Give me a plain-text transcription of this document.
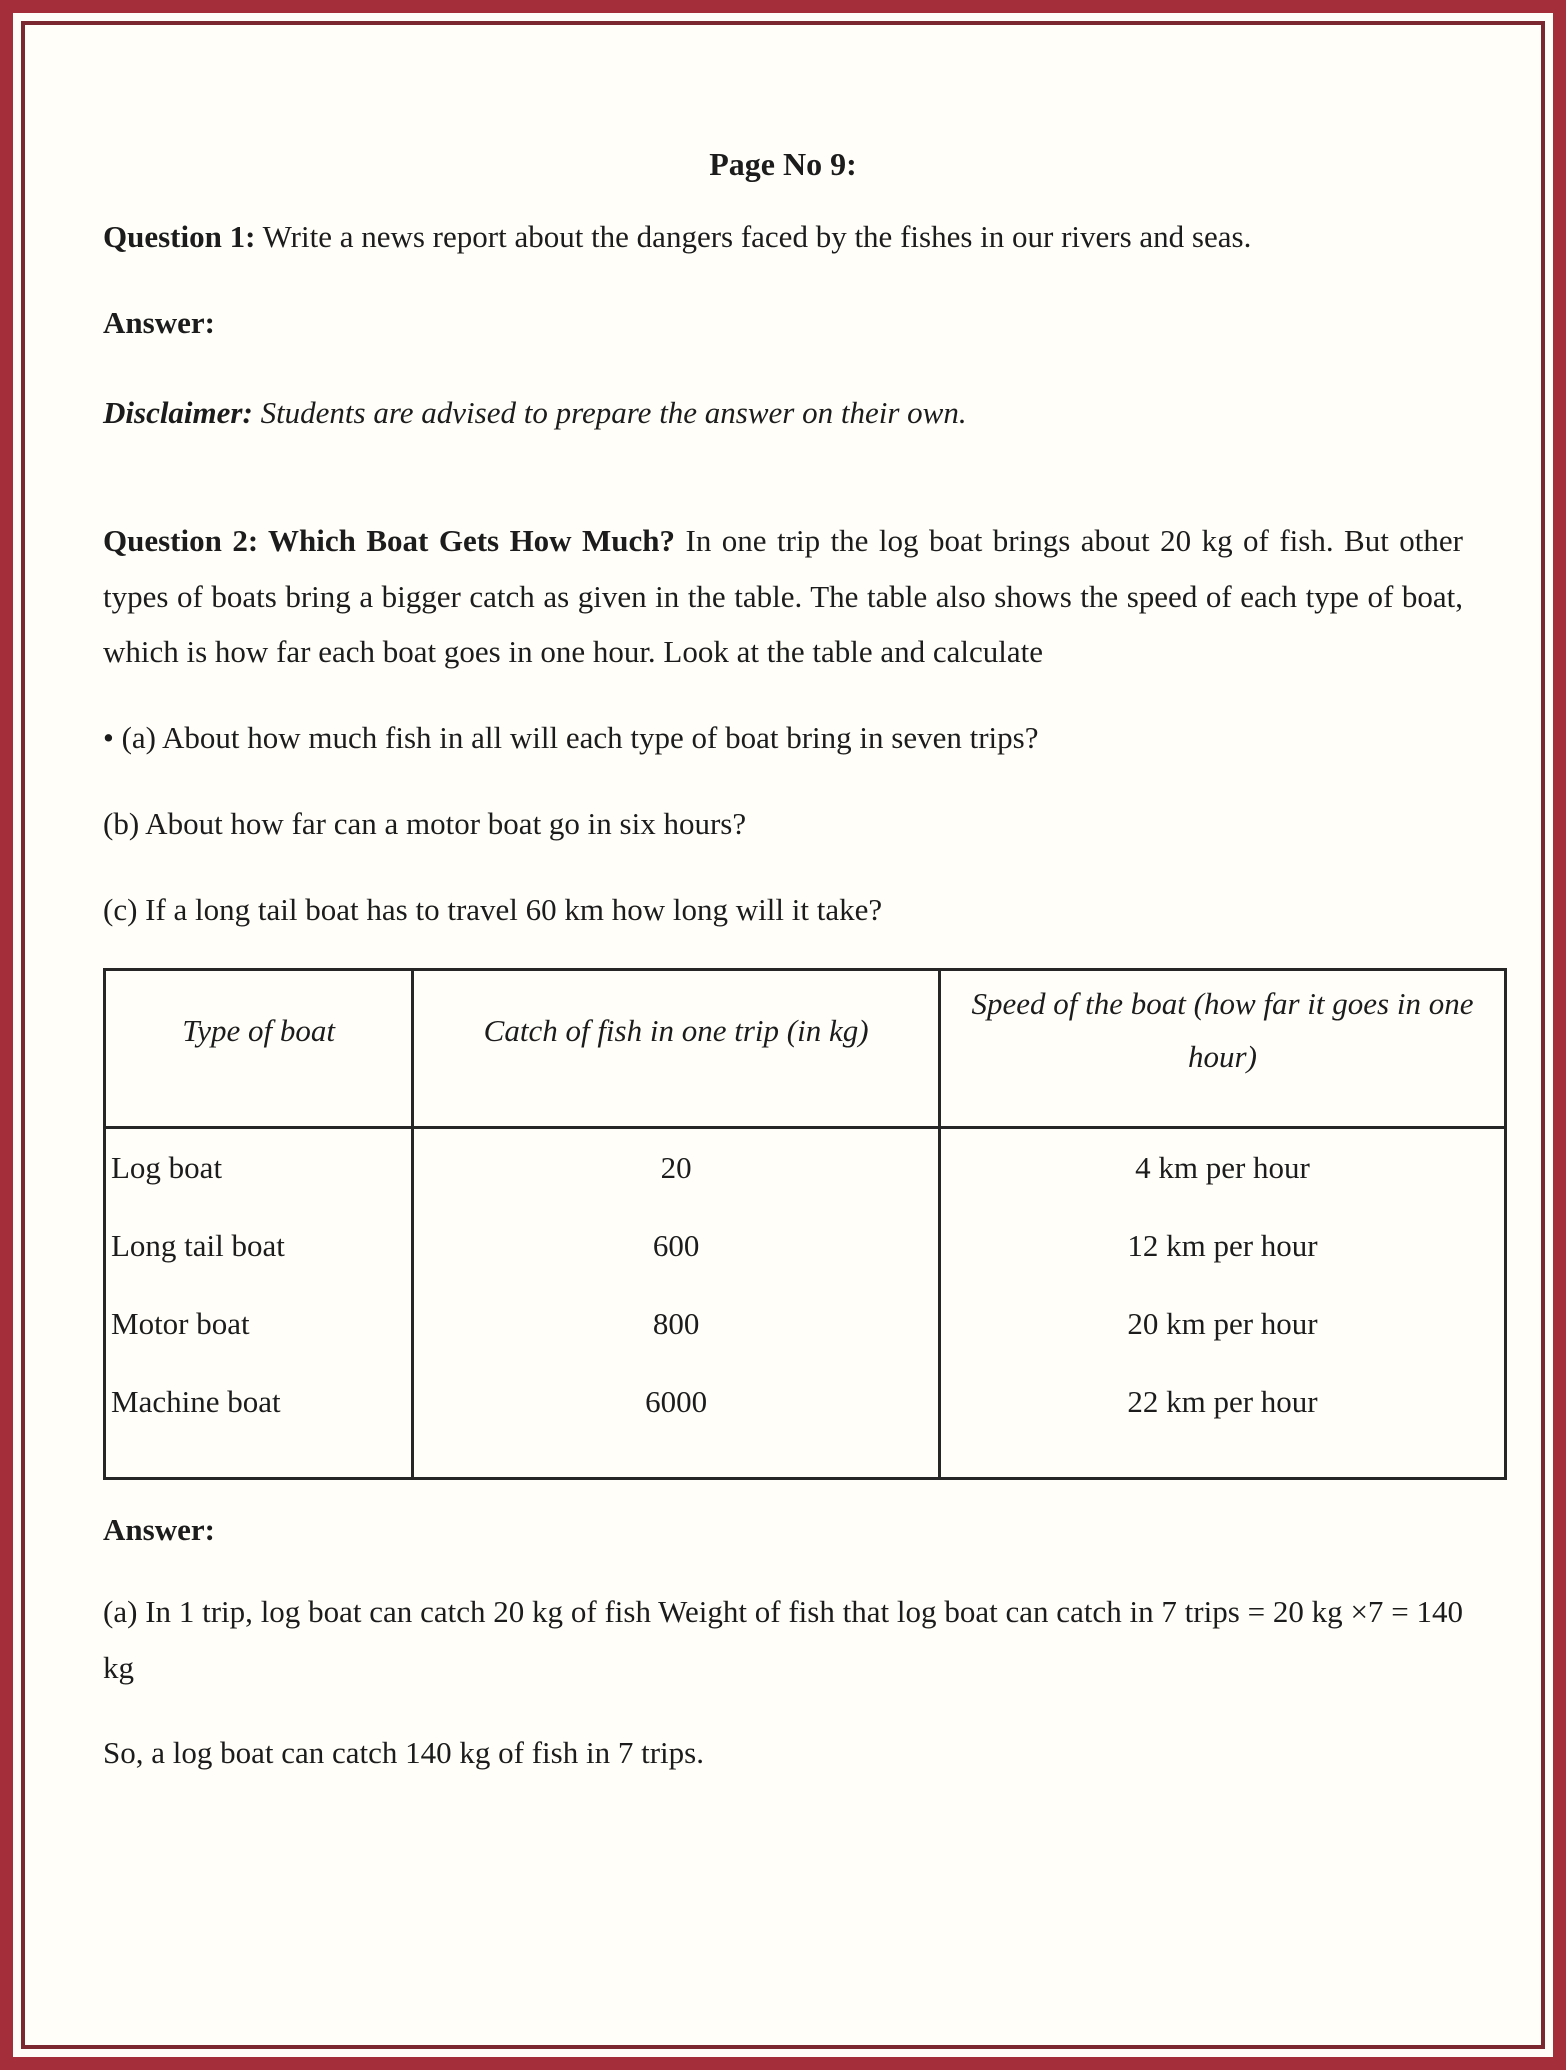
Page No 9:

Question 1: Write a news report about the dangers faced by the fishes in our rivers and seas.

Answer:

Disclaimer: Students are advised to prepare the answer on their own.

Question 2: Which Boat Gets How Much? In one trip the log boat brings about 20 kg of fish. But other types of boats bring a bigger catch as given in the table. The table also shows the speed of each type of boat, which is how far each boat goes in one hour. Look at the table and calculate

• (a) About how much fish in all will each type of boat bring in seven trips?

(b) About how far can a motor boat go in six hours?

(c) If a long tail boat has to travel 60 km how long will it take?

Type of boat	Catch of fish in one trip (in kg)	Speed of the boat (how far it goes in one hour)
Log boat	20	4 km per hour
Long tail boat	600	12 km per hour
Motor boat	800	20 km per hour
Machine boat	6000	22 km per hour

Answer:

(a) In 1 trip, log boat can catch 20 kg of fish Weight of fish that log boat can catch in 7 trips = 20 kg ×7 = 140 kg

So, a log boat can catch 140 kg of fish in 7 trips.
